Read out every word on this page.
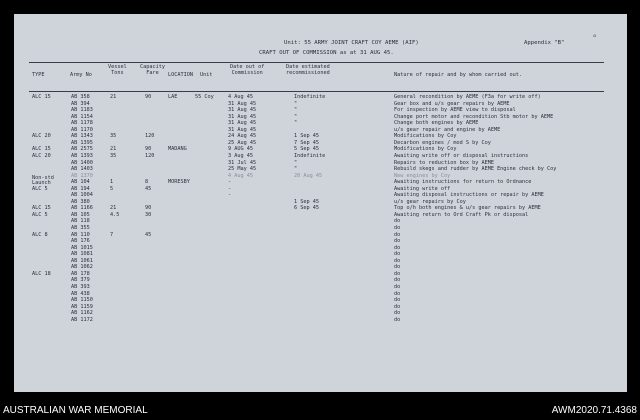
Unit: 55 ARMY JOINT CRAFT COY AEME (AIF)	Appendix "B"
CRAFT OUT OF COMMISSION as at 31 AUG 45.
°
TYPE	Army No
Vessel
Tons
Capacity
Fare	LOCATION Unit
Date out of
Commission
Date estimated
recommissioned	Nature of repair and by whom carried out.
ALC 15	AB 358	21	90	LAE	55 Coy	4 Aug 45	Indefinite	General recondition by AEME (F3a for write off)
AB 394	31 Aug 45	"	Gear box and u/s gear repairs by AEME
AB 1183	31 Aug 45	"	For inspection by AEME view to disposal
AB 1154	31 Aug 45	"	Change port motor and recondition Stb motor by AEME
AB 1178	31 Aug 45	"	Change both engines by AEME
AB 1170	31 Aug 45	u/s gear repair and engine by AEME
ALC 20	AB 1343	35	120	24 Aug 45	1 Sep 45	Modifications by Coy
AB 1395	25 Aug 45	7 Sep 45	Decarbon engines / mod S by Coy
ALC 15	AB 2575	21	90	MADANG	9 AUG 45	5 Sep 45	Modifications by Coy
ALC 20	AB 1393	35	120	3 Aug 45	Indefinite	Awaiting write off or disposal instructions
AB 1400	31 Jul 45	"	Repairs to reduction box by AEME
AB 1403	25 May 45	"	Rebuild skegs and rudder by AEME Engine check by Coy
AB 1370	4 Aug 45	20 Aug 45	New engines by Coy
Non-std
Launch	AB 104	1	8	MORESBY	-	Awaiting instructions for return to Ordnance
ALC 5	AB 194	5	45	-	Awaiting write off
AB 1004	-	Awaiting disposal instructions or repair by AEME
AB 380	1 Sep 45	u/s gear repairs by Coy
ALC 15	AB 1166	21	90	6 Sep 45	Top o/h both engines & u/s gear repairs by AEME
ALC 5	AB 105	4.5	30	Awaiting return to Ord Craft Pk or disposal
AB 118	do
AB 355	do
ALC 8	AB 110	7	45	do
AB 176	do
AB 1015	do
AB 1081	do
AB 1061	do
AB 1062	do
ALC 18	AB 178	do
AB 379	do
AB 393	do
AB 438	do
AB 1150	do
AB 1159	do
AB 1162	do
AB 1172	do
AUSTRALIAN WAR MEMORIAL	AWM2020.71.4368
